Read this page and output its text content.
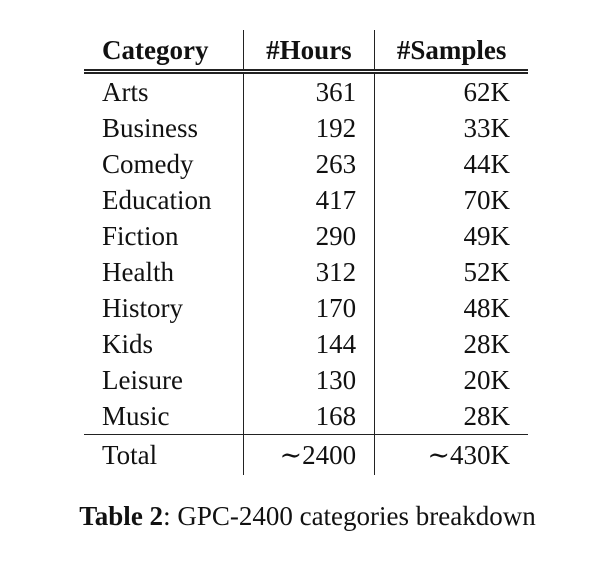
Category	#Hours	#Samples
Arts	361	62K
Business	192	33K
Comedy	263	44K
Education	417	70K
Fiction	290	49K
Health	312	52K
History	170	48K
Kids	144	28K
Leisure	130	20K
Music	168	28K
Total	∼2400	∼430K
Table 2: GPC-2400 categories breakdown
